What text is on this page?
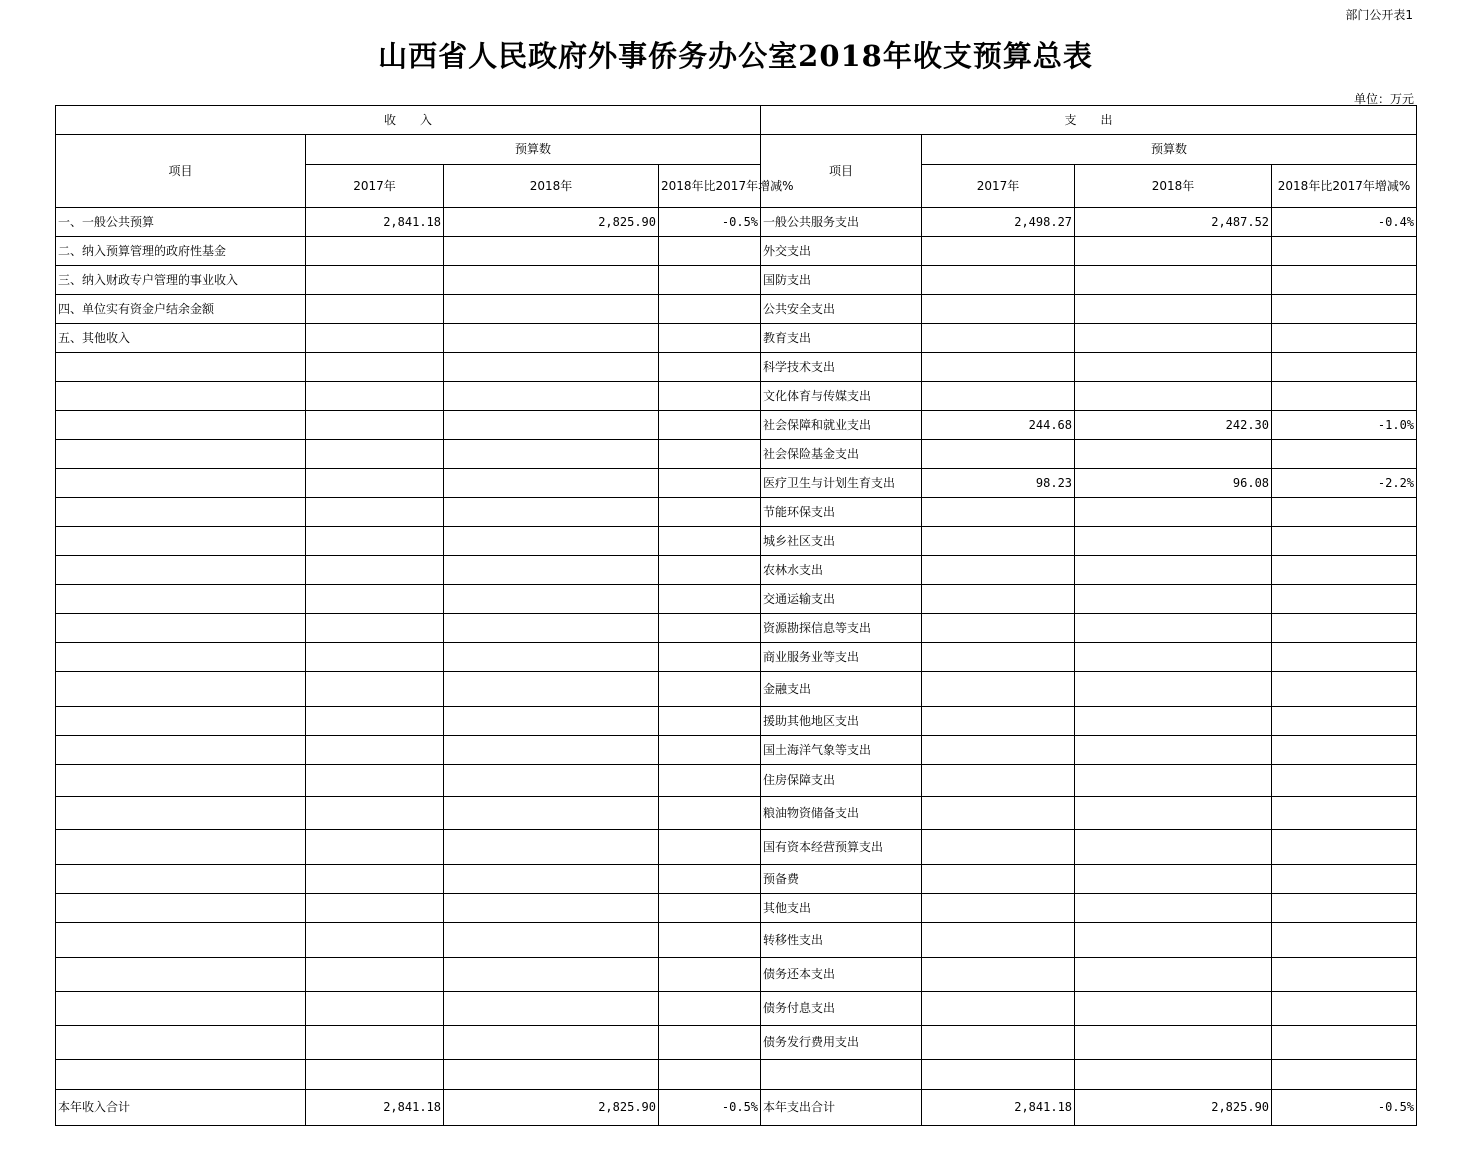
部门公开表1
山西省人民政府外事侨务办公室2018年收支预算总表
单位：万元
收　　入				支　　出			
项目	预算数			项目	预算数		
	2017年	2018年	2018年比2017年增减%		2017年	2018年	2018年比2017年增减%
一、一般公共预算	2,841.18	2,825.90	-0.5%	一般公共服务支出	2,498.27	2,487.52	-0.4%
二、纳入预算管理的政府性基金				外交支出			
三、纳入财政专户管理的事业收入				国防支出			
四、单位实有资金户结余金额				公共安全支出			
五、其他收入				教育支出			
				科学技术支出			
				文化体育与传媒支出			
				社会保障和就业支出	244.68	242.30	-1.0%
				社会保险基金支出			
				医疗卫生与计划生育支出	98.23	96.08	-2.2%
				节能环保支出			
				城乡社区支出			
				农林水支出			
				交通运输支出			
				资源勘探信息等支出			
				商业服务业等支出			
				金融支出			
				援助其他地区支出			
				国土海洋气象等支出			
				住房保障支出			
				粮油物资储备支出			
				国有资本经营预算支出			
				预备费			
				其他支出			
				转移性支出			
				债务还本支出			
				债务付息支出			
				债务发行费用支出			

本年收入合计	2,841.18	2,825.90	-0.5%	本年支出合计	2,841.18	2,825.90	-0.5%
